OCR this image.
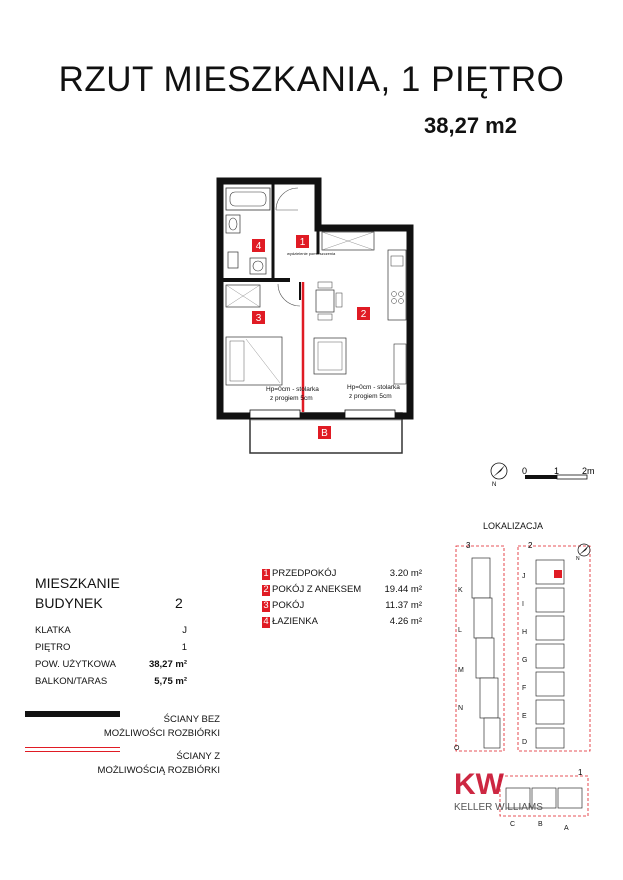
RZUT MIESZKANIA, 1 PIĘTRO
38,27 m2
1
2
3
4
B
wydzielenie pomieszczenia
Hp=0cm - stolarka
z progiem 5cm
Hp=0cm - stolarka
z progiem 5cm
N
0	1	2m
MIESZKANIE
BUDYNEK	2
KLATKA	J
PIĘTRO	1
POW. UŻYTKOWA	38,27 m²
BALKON/TARAS	5,75 m²
1 PRZEDPOKÓJ	3.20 m²
2 POKÓJ Z ANEKSEM 19.44 m²
3 POKÓJ	11.37 m²
4 ŁAZIENKA	4.26 m²
ŚCIANY BEZ
MOŻLIWOŚCI ROZBIÓRKI
ŚCIANY Z
MOŻLIWOŚCIĄ ROZBIÓRKI
LOKALIZACJA
3	2
1
K
L
M
N
O
J
I
H
G
F
E
D
C	B
A
N
KW
KELLER WILLIAMS
